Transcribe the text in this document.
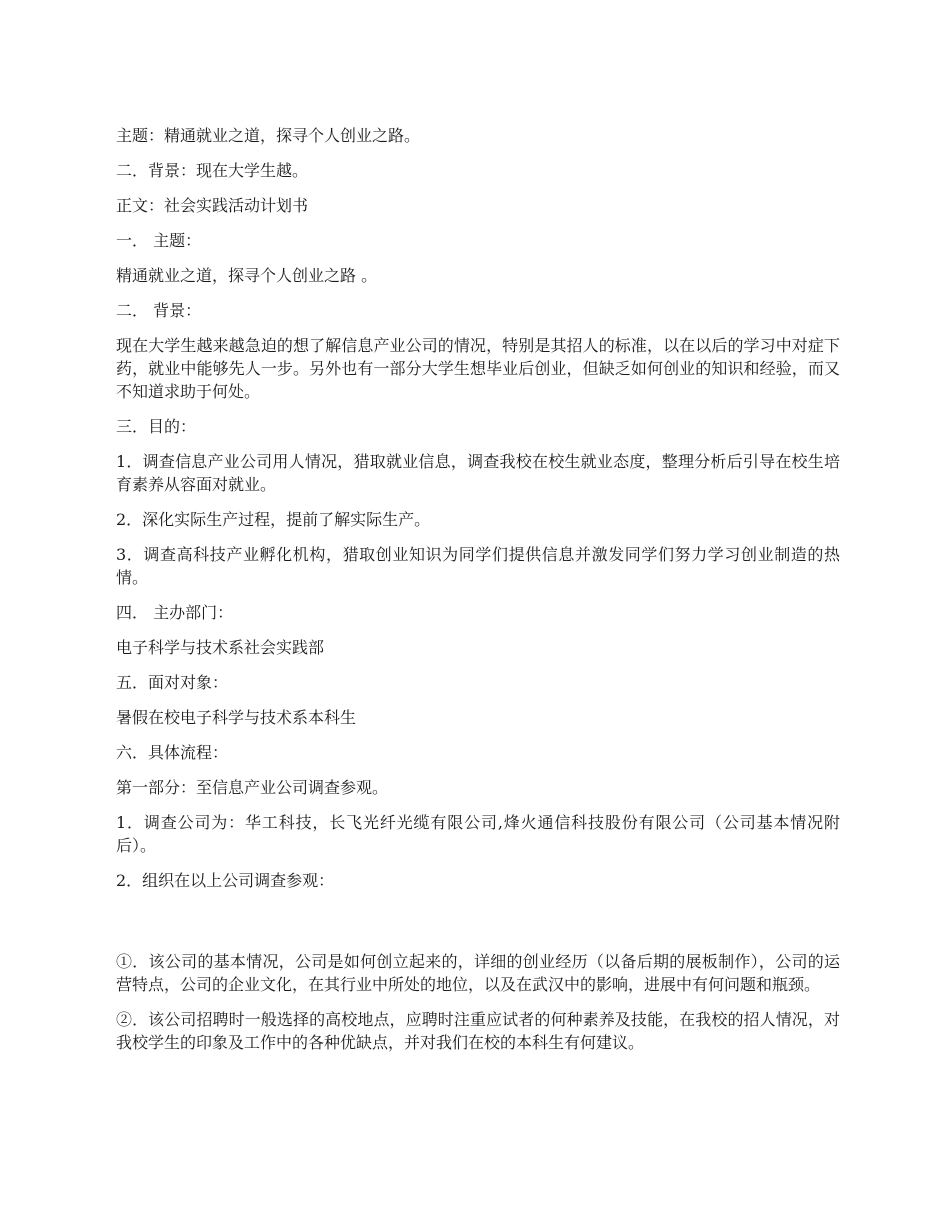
主题：精通就业之道，探寻个人创业之路。

二．背景：现在大学生越。

正文：社会实践活动计划书

一． 主题：

精通就业之道，探寻个人创业之路 。

二． 背景：

现在大学生越来越急迫的想了解信息产业公司的情况，特别是其招人的标准，以在以后的学习中对症下药，就业中能够先人一步。另外也有一部分大学生想毕业后创业，但缺乏如何创业的知识和经验，而又不知道求助于何处。

三．目的：

1．调查信息产业公司用人情况，猎取就业信息，调查我校在校生就业态度，整理分析后引导在校生培育素养从容面对就业。

2．深化实际生产过程，提前了解实际生产。

3．调查高科技产业孵化机构，猎取创业知识为同学们提供信息并激发同学们努力学习创业制造的热情。

四． 主办部门：

电子科学与技术系社会实践部

五．面对对象：

暑假在校电子科学与技术系本科生

六．具体流程：

第一部分：至信息产业公司调查参观。

1．调查公司为：华工科技，长飞光纤光缆有限公司,烽火通信科技股份有限公司（公司基本情况附后）。

2．组织在以上公司调查参观：

①．该公司的基本情况，公司是如何创立起来的，详细的创业经历（以备后期的展板制作），公司的运营特点，公司的企业文化，在其行业中所处的地位，以及在武汉中的影响，进展中有何问题和瓶颈。

②．该公司招聘时一般选择的高校地点，应聘时注重应试者的何种素养及技能，在我校的招人情况，对我校学生的印象及工作中的各种优缺点，并对我们在校的本科生有何建议。
